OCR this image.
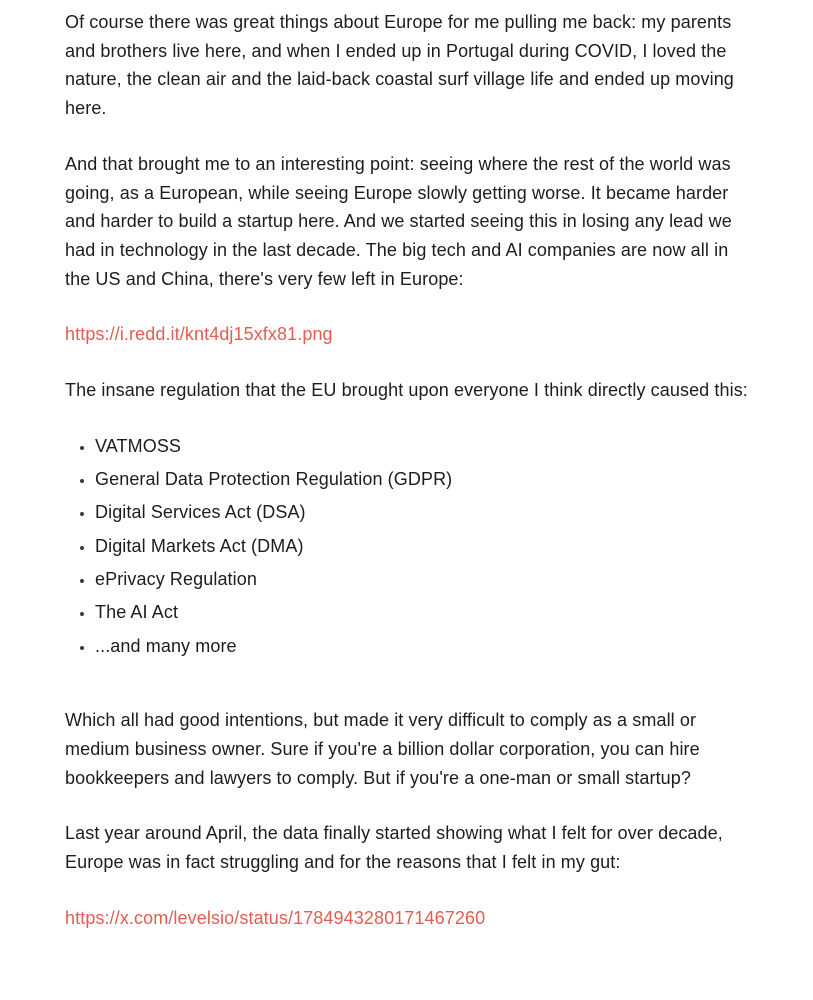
Of course there was great things about Europe for me pulling me back: my parents and brothers live here, and when I ended up in Portugal during COVID, I loved the nature, the clean air and the laid-back coastal surf village life and ended up moving here.

And that brought me to an interesting point: seeing where the rest of the world was going, as a European, while seeing Europe slowly getting worse. It became harder and harder to build a startup here. And we started seeing this in losing any lead we had in technology in the last decade. The big tech and AI companies are now all in the US and China, there's very few left in Europe:

https://i.redd.it/knt4dj15xfx81.png

The insane regulation that the EU brought upon everyone I think directly caused this:

• VATMOSS
• General Data Protection Regulation (GDPR)
• Digital Services Act (DSA)
• Digital Markets Act (DMA)
• ePrivacy Regulation
• The AI Act
• ...and many more

Which all had good intentions, but made it very difficult to comply as a small or medium business owner. Sure if you're a billion dollar corporation, you can hire bookkeepers and lawyers to comply. But if you're a one-man or small startup?

Last year around April, the data finally started showing what I felt for over decade, Europe was in fact struggling and for the reasons that I felt in my gut:

https://x.com/levelsio/status/1784943280171467260
